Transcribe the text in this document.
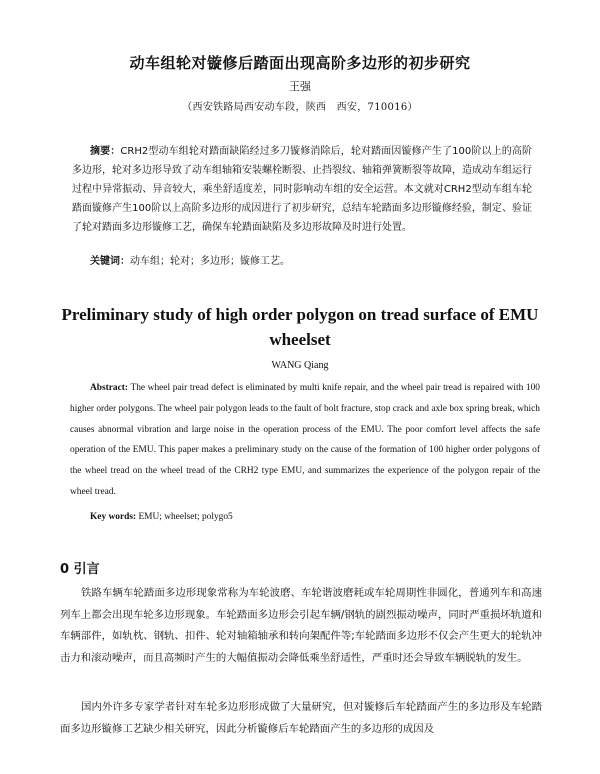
动车组轮对镟修后踏面出现高阶多边形的初步研究
王强
（西安铁路局西安动车段，陕西　西安，710016）
摘要：CRH2型动车组轮对踏面缺陷经过多刀镟修消除后，轮对踏面因镟修产生了100阶以上的高阶多边形，轮对多边形导致了动车组轴箱安装螺栓断裂、止挡裂纹、轴箱弹簧断裂等故障，造成动车组运行过程中异常振动、异音较大，乘坐舒适度差，同时影响动车组的安全运营。本文就对CRH2型动车组车轮踏面镟修产生100阶以上高阶多边形的成因进行了初步研究，总结车轮踏面多边形镟修经验，制定、验证了轮对踏面多边形镟修工艺，确保车轮踏面缺陷及多边形故障及时进行处置。
关键词：动车组；轮对；多边形；镟修工艺。
Preliminary study of high order polygon on tread surface of EMU wheelset
WANG Qiang
Abstract: The wheel pair tread defect is eliminated by multi knife repair, and the wheel pair tread is repaired with 100 higher order polygons. The wheel pair polygon leads to the fault of bolt fracture, stop crack and axle box spring break, which causes abnormal vibration and large noise in the operation process of the EMU. The poor comfort level affects the safe operation of the EMU. This paper makes a preliminary study on the cause of the formation of 100 higher order polygons of the wheel tread on the wheel tread of the CRH2 type EMU, and summarizes the experience of the polygon repair of the wheel tread.
Key words: EMU; wheelset; polygo5
0 引言
铁路车辆车轮踏面多边形现象常称为车轮波磨、车轮谐波磨耗或车轮周期性非圆化，普通列车和高速列车上都会出现车轮多边形现象。车轮踏面多边形会引起车辆/钢轨的剧烈振动噪声，同时严重损坏轨道和车辆部件，如轨枕、钢轨、扣件、轮对轴箱轴承和转向架配件等;车轮踏面多边形不仅会产生更大的轮轨冲击力和滚动噪声，而且高频时产生的大幅值振动会降低乘坐舒适性，严重时还会导致车辆脱轨的发生。
国内外许多专家学者针对车轮多边形形成做了大量研究，但对镟修后车轮踏面产生的多边形及车轮踏面多边形镟修工艺缺少相关研究，因此分析镟修后车轮踏面产生的多边形的成因及
